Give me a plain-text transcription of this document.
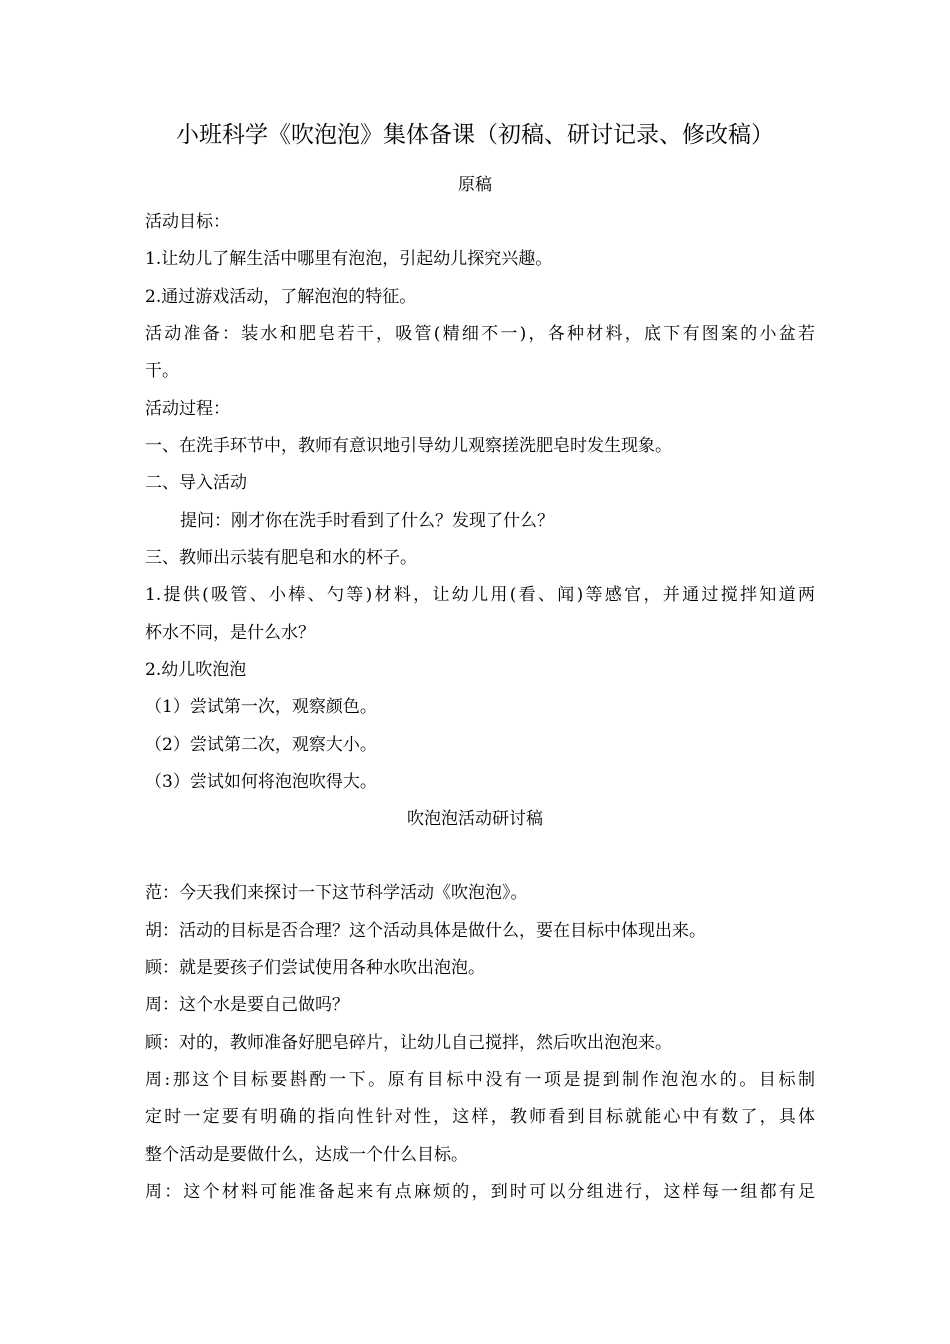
小班科学《吹泡泡》集体备课（初稿、研讨记录、修改稿）
原稿
活动目标：
1.让幼儿了解生活中哪里有泡泡，引起幼儿探究兴趣。
2.通过游戏活动，了解泡泡的特征。
活动准备：装水和肥皂若干，吸管(精细不一)，各种材料，底下有图案的小盆若
干。
活动过程：
一、在洗手环节中，教师有意识地引导幼儿观察搓洗肥皂时发生现象。
二、导入活动
提问：刚才你在洗手时看到了什么？发现了什么？
三、教师出示装有肥皂和水的杯子。
1.提供(吸管、小棒、勺等)材料，让幼儿用(看、闻)等感官，并通过搅拌知道两
杯水不同，是什么水？
2.幼儿吹泡泡
（1）尝试第一次，观察颜色。
（2）尝试第二次，观察大小。
（3）尝试如何将泡泡吹得大。
吹泡泡活动研讨稿
范：今天我们来探讨一下这节科学活动《吹泡泡》。
胡：活动的目标是否合理？这个活动具体是做什么，要在目标中体现出来。
顾：就是要孩子们尝试使用各种水吹出泡泡。
周：这个水是要自己做吗？
顾：对的，教师准备好肥皂碎片，让幼儿自己搅拌，然后吹出泡泡来。
周:那这个目标要斟酌一下。原有目标中没有一项是提到制作泡泡水的。目标制
定时一定要有明确的指向性针对性，这样，教师看到目标就能心中有数了，具体
整个活动是要做什么，达成一个什么目标。
周：这个材料可能准备起来有点麻烦的，到时可以分组进行，这样每一组都有足
